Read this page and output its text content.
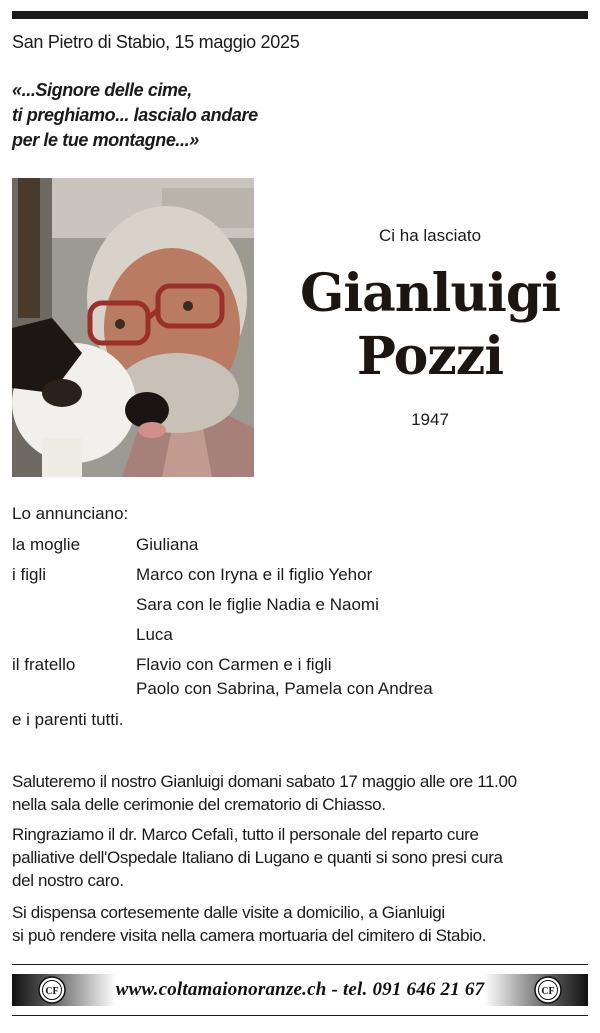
San Pietro di Stabio, 15 maggio 2025
«...Signore delle cime,
ti preghiamo... lascialo andare
per le tue montagne...»
Ci ha lasciato
Gianluigi
Pozzi
1947
Lo annunciano:
la moglie	Giuliana
i figli	Marco con Iryna e il figlio Yehor
Sara con le figlie Nadia e Naomi
Luca
il fratello	Flavio con Carmen e i figli
Paolo con Sabrina, Pamela con Andrea
e i parenti tutti.
Saluteremo il nostro Gianluigi domani sabato 17 maggio alle ore 11.00
nella sala delle cerimonie del crematorio di Chiasso.
Ringraziamo il dr. Marco Cefalì, tutto il personale del reparto cure
palliative dell'Ospedale Italiano di Lugano e quanti si sono presi cura
del nostro caro.
Si dispensa cortesemente dalle visite a domicilio, a Gianluigi
si può rendere visita nella camera mortuaria del cimitero di Stabio.
CF	www.coltamaionoranze.ch - tel. 091 646 21 67	CF
